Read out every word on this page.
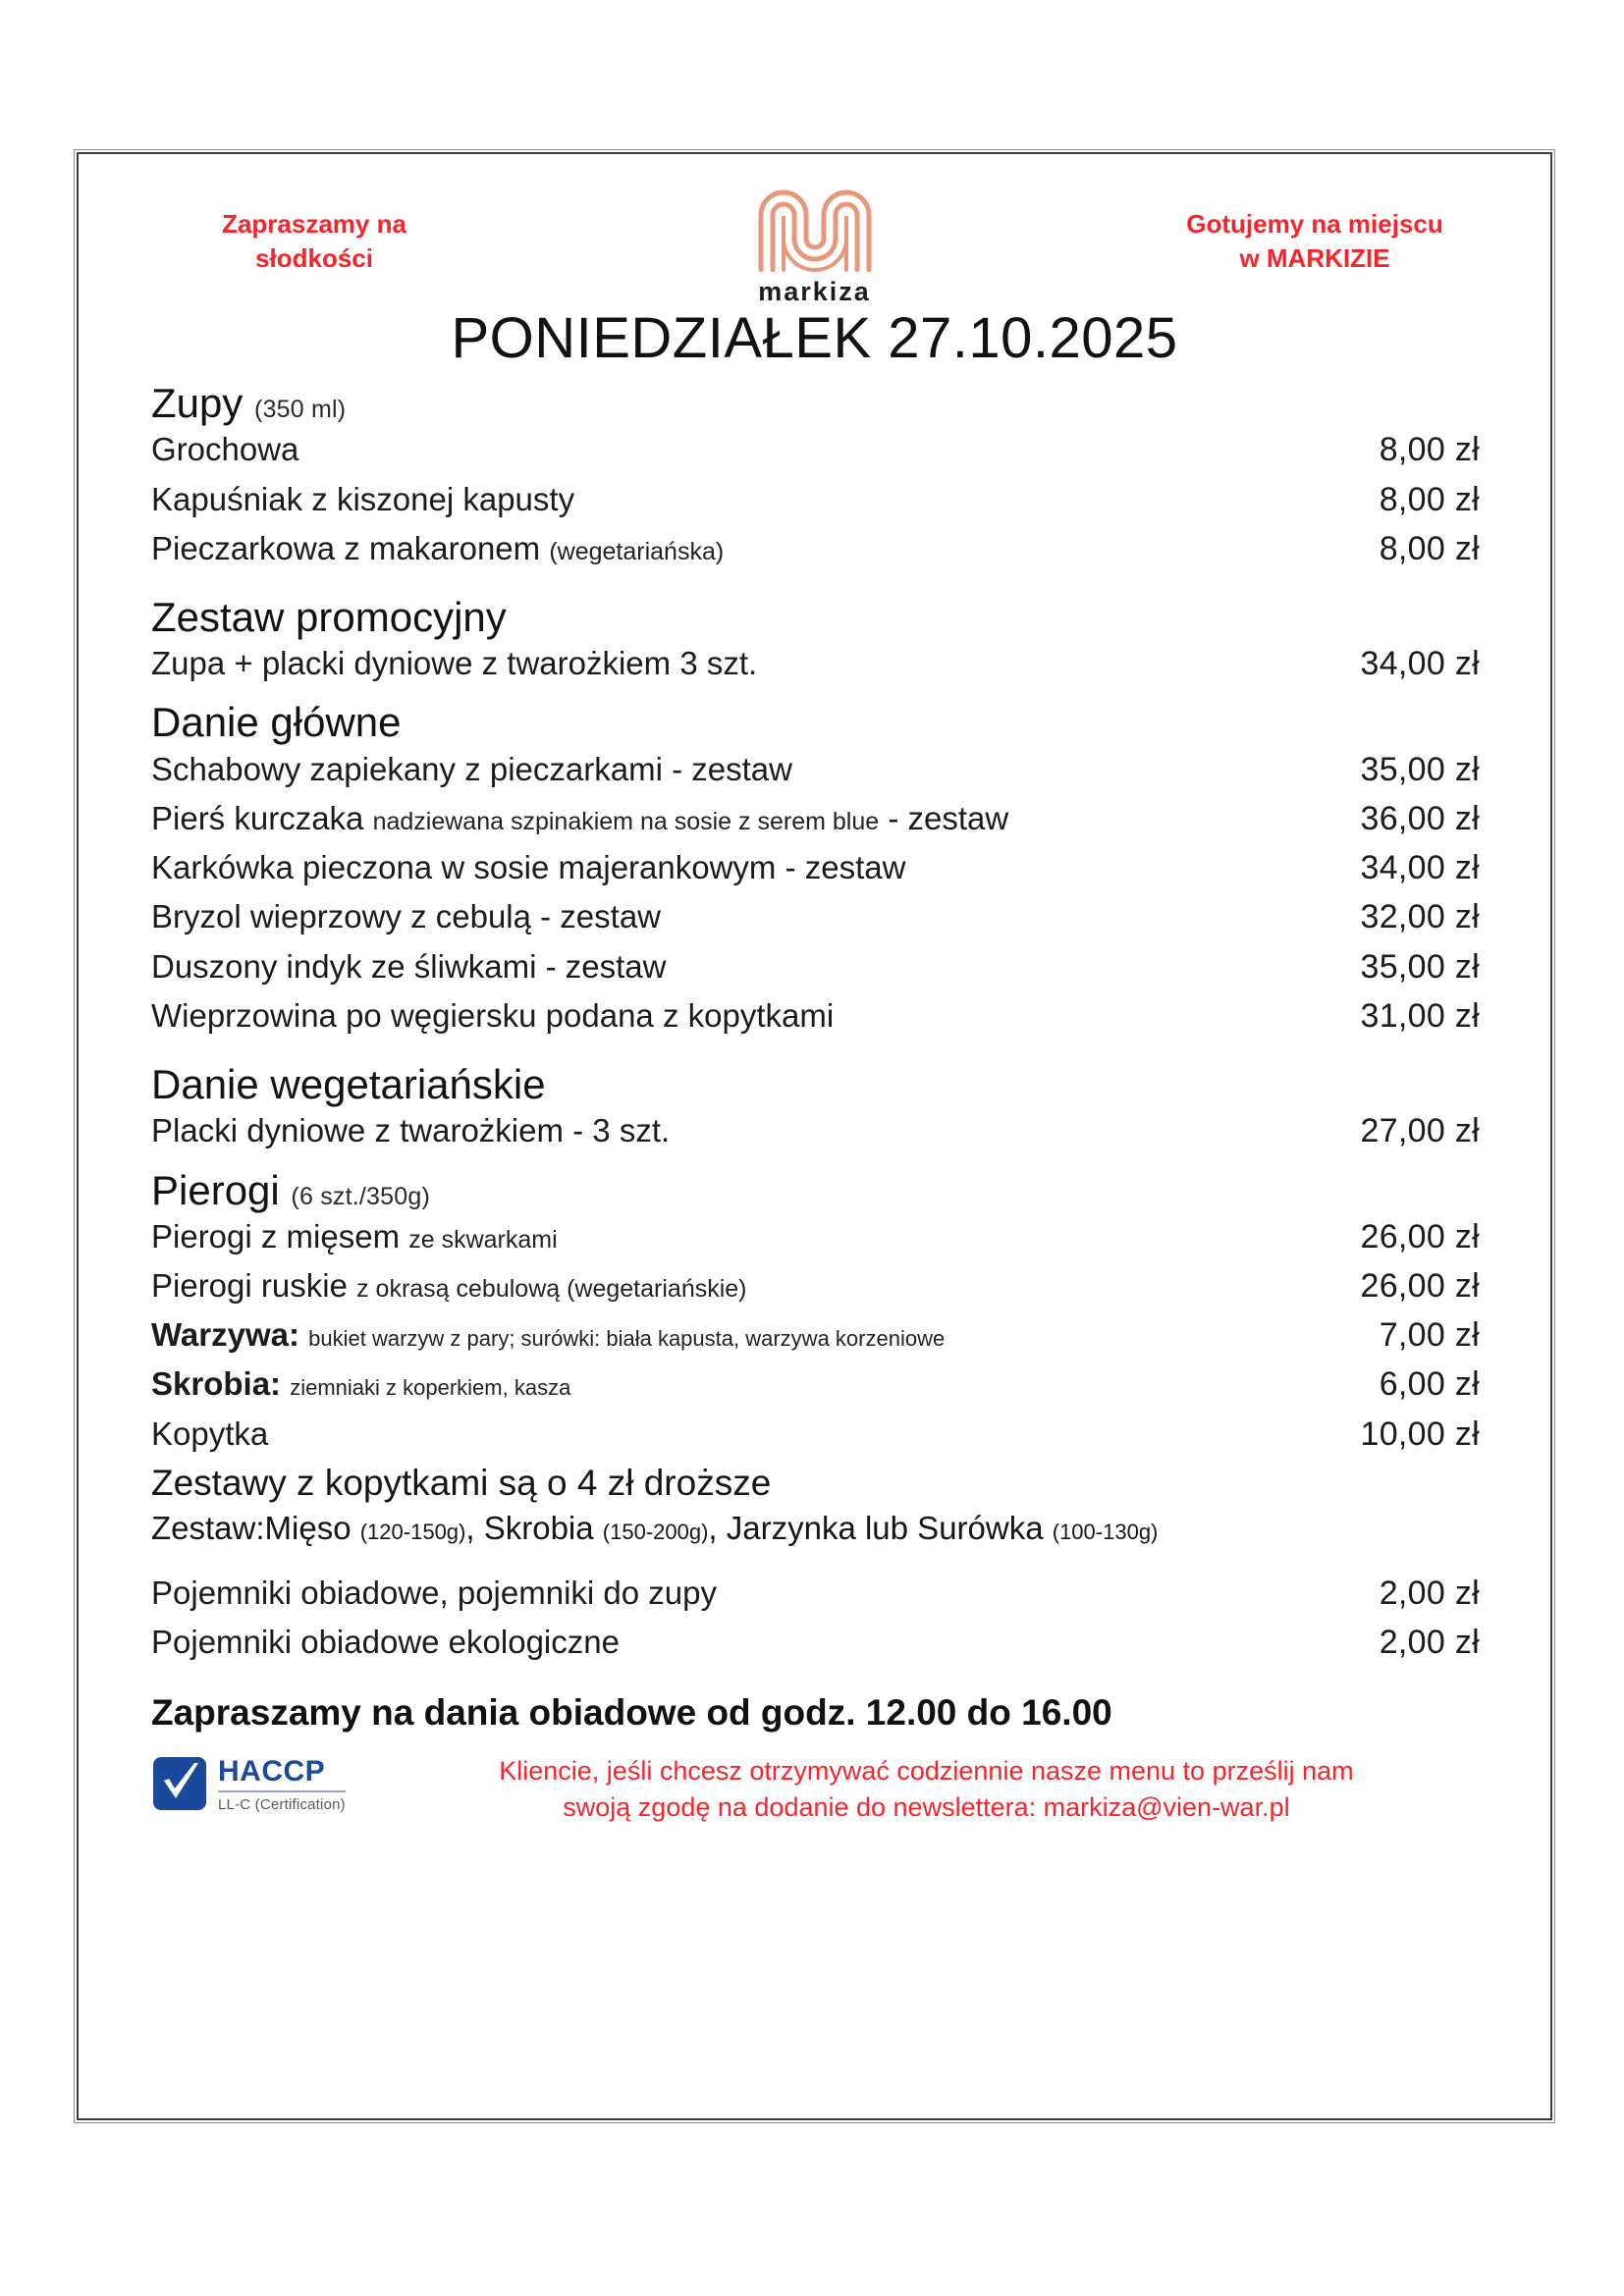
Zapraszamy na
słodkości
markiza
Gotujemy na miejscu
w MARKIZIE
PONIEDZIAŁEK 27.10.2025
Zupy (350 ml)
Grochowa	8,00 zł
Kapuśniak z kiszonej kapusty	8,00 zł
Pieczarkowa z makaronem (wegetariańska)	8,00 zł
Zestaw promocyjny
Zupa + placki dyniowe z twarożkiem 3 szt.	34,00 zł
Danie główne
Schabowy zapiekany z pieczarkami - zestaw	35,00 zł
Pierś kurczaka nadziewana szpinakiem na sosie z serem blue - zestaw	36,00 zł
Karkówka pieczona w sosie majerankowym - zestaw	34,00 zł
Bryzol wieprzowy z cebulą - zestaw	32,00 zł
Duszony indyk ze śliwkami - zestaw	35,00 zł
Wieprzowina po węgiersku podana z kopytkami	31,00 zł
Danie wegetariańskie
Placki dyniowe z twarożkiem - 3 szt.	27,00 zł
Pierogi (6 szt./350g)
Pierogi z mięsem ze skwarkami	26,00 zł
Pierogi ruskie z okrasą cebulową (wegetariańskie)	26,00 zł
Warzywa: bukiet warzyw z pary; surówki: biała kapusta, warzywa korzeniowe	7,00 zł
Skrobia: ziemniaki z koperkiem, kasza	6,00 zł
Kopytka	10,00 zł
Zestawy z kopytkami są o 4 zł droższe
Zestaw:Mięso (120-150g), Skrobia (150-200g), Jarzynka lub Surówka (100-130g)
Pojemniki obiadowe, pojemniki do zupy	2,00 zł
Pojemniki obiadowe ekologiczne	2,00 zł
Zapraszamy na dania obiadowe od godz. 12.00 do 16.00
HACCP
LL-C (Certification)
Kliencie, jeśli chcesz otrzymywać codziennie nasze menu to prześlij nam
swoją zgodę na dodanie do newslettera: markiza@vien-war.pl
